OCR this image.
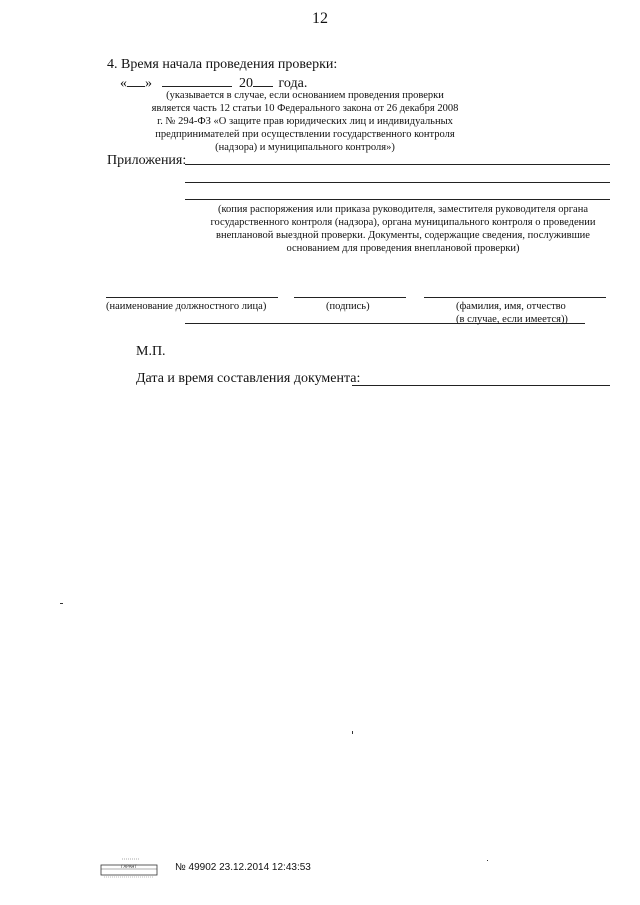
12
4. Время начала проведения проверки:
« »	20 года.
(указывается в случае, если основанием проведения проверки является часть 12 статьи 10 Федерального закона от 26 декабря 2008 г. № 294-ФЗ «О защите прав юридических лиц и индивидуальных предпринимателей при осуществлении государственного контроля (надзора) и муниципального контроля»)
Приложения:
(копия распоряжения или приказа руководителя, заместителя руководителя органа государственного контроля (надзора), органа муниципального контроля о проведении внеплановой выездной проверки. Документы, содержащие сведения, послужившие основанием для проведения внеплановой проверки)
(наименование должностного лица)	(подпись)	(фамилия, имя, отчество
(в случае, если имеется))
М.П.
Дата и время составления документа:
ГАРАНТ	№ 49902 23.12.2014 12:43:53
